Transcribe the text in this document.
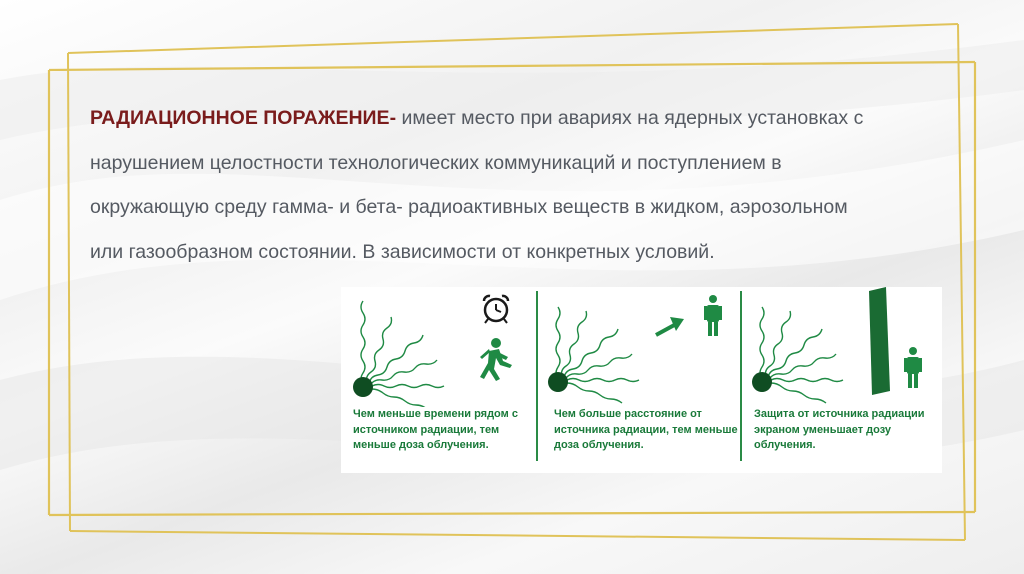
РАДИАЦИОННОЕ ПОРАЖЕНИЕ- имеет место при авариях на ядерных установках с нарушением целостности технологических коммуникаций и поступлением в окружающую среду гамма- и бета- радиоактивных веществ в жидком, аэрозольном или газообразном состоянии. В зависимости от конкретных условий.
Чем меньше времени рядом с источником радиации, тем меньше доза облучения.
Чем больше расстояние от источника радиации, тем меньше доза облучения.
Защита от источника радиации экраном уменьшает дозу облучения.
